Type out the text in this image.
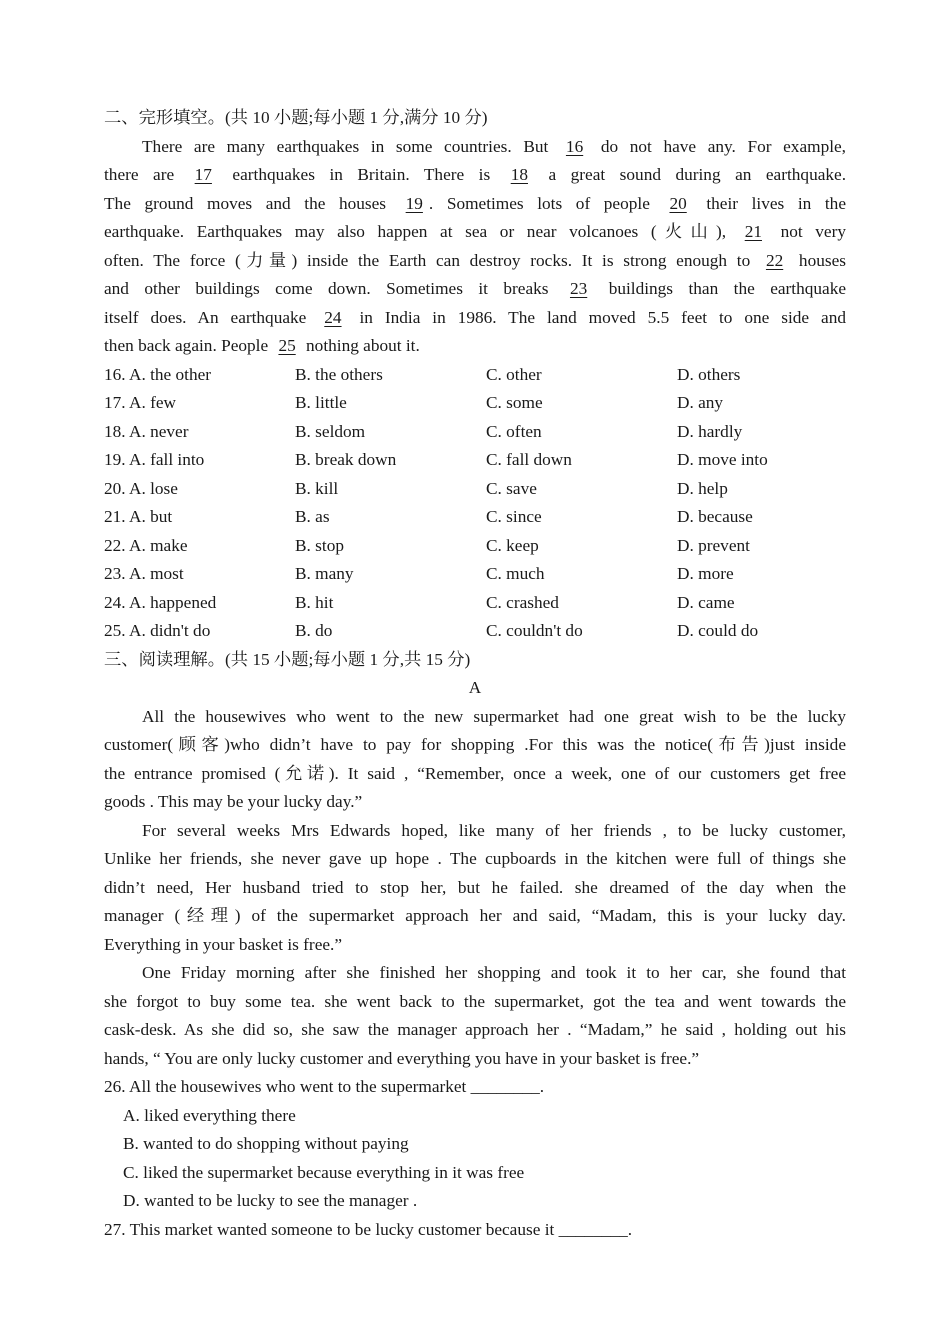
二、完形填空。(共 10 小题;每小题 1 分,满分 10 分)
There are many earthquakes in some countries. But 16 do not have any. For example,
there are 17 earthquakes in Britain. There is 18 a great sound during an earthquake.
The ground moves and the houses 19 . Sometimes lots of people 20 their lives in the
earthquake. Earthquakes may also happen at sea or near volcanoes (火山), 21 not very
often. The force (力量) inside the Earth can destroy rocks. It is strong enough to 22 houses
and other buildings come down. Sometimes it breaks 23 buildings than the earthquake
itself does. An earthquake 24 in India in 1986. The land moved 5.5 feet to one side and
then back again. People 25 nothing about it.
16. A. the other	B. the others	C. other	D. others
17. A. few	B. little	C. some	D. any
18. A. never	B. seldom	C. often	D. hardly
19. A. fall into	B. break down	C. fall down	D. move into
20. A. lose	B. kill	C. save	D. help
21. A. but	B. as	C. since	D. because
22. A. make	B. stop	C. keep	D. prevent
23. A. most	B. many	C. much	D. more
24. A. happened	B. hit	C. crashed	D. came
25. A. didn't do	B. do	C. couldn't do	D. could do
三、阅读理解。(共 15 小题;每小题 1 分,共 15 分)
A
All the housewives who went to the new supermarket had one great wish to be the lucky
customer(顾客)who didn’t have to pay for shopping .For this was the notice(布告)just inside
the entrance promised (允诺). It said , “Remember, once a week, one of our customers get free
goods . This may be your lucky day.”
For several weeks Mrs Edwards hoped, like many of her friends , to be lucky customer,
Unlike her friends, she never gave up hope . The cupboards in the kitchen were full of things she
didn’t need, Her husband tried to stop her, but he failed. she dreamed of the day when the
manager (经理) of the supermarket approach her and said, “Madam, this is your lucky day.
Everything in your basket is free.”
One Friday morning after she finished her shopping and took it to her car, she found that
she forgot to buy some tea. she went back to the supermarket, got the tea and went towards the
cask-desk. As she did so, she saw the manager approach her . “Madam,” he said , holding out his
hands, “ You are only lucky customer and everything you have in your basket is free.”
26. All the housewives who went to the supermarket ________.
A. liked everything there
B. wanted to do shopping without paying
C. liked the supermarket because everything in it was free
D. wanted to be lucky to see the manager .
27. This market wanted someone to be lucky customer because it ________.
